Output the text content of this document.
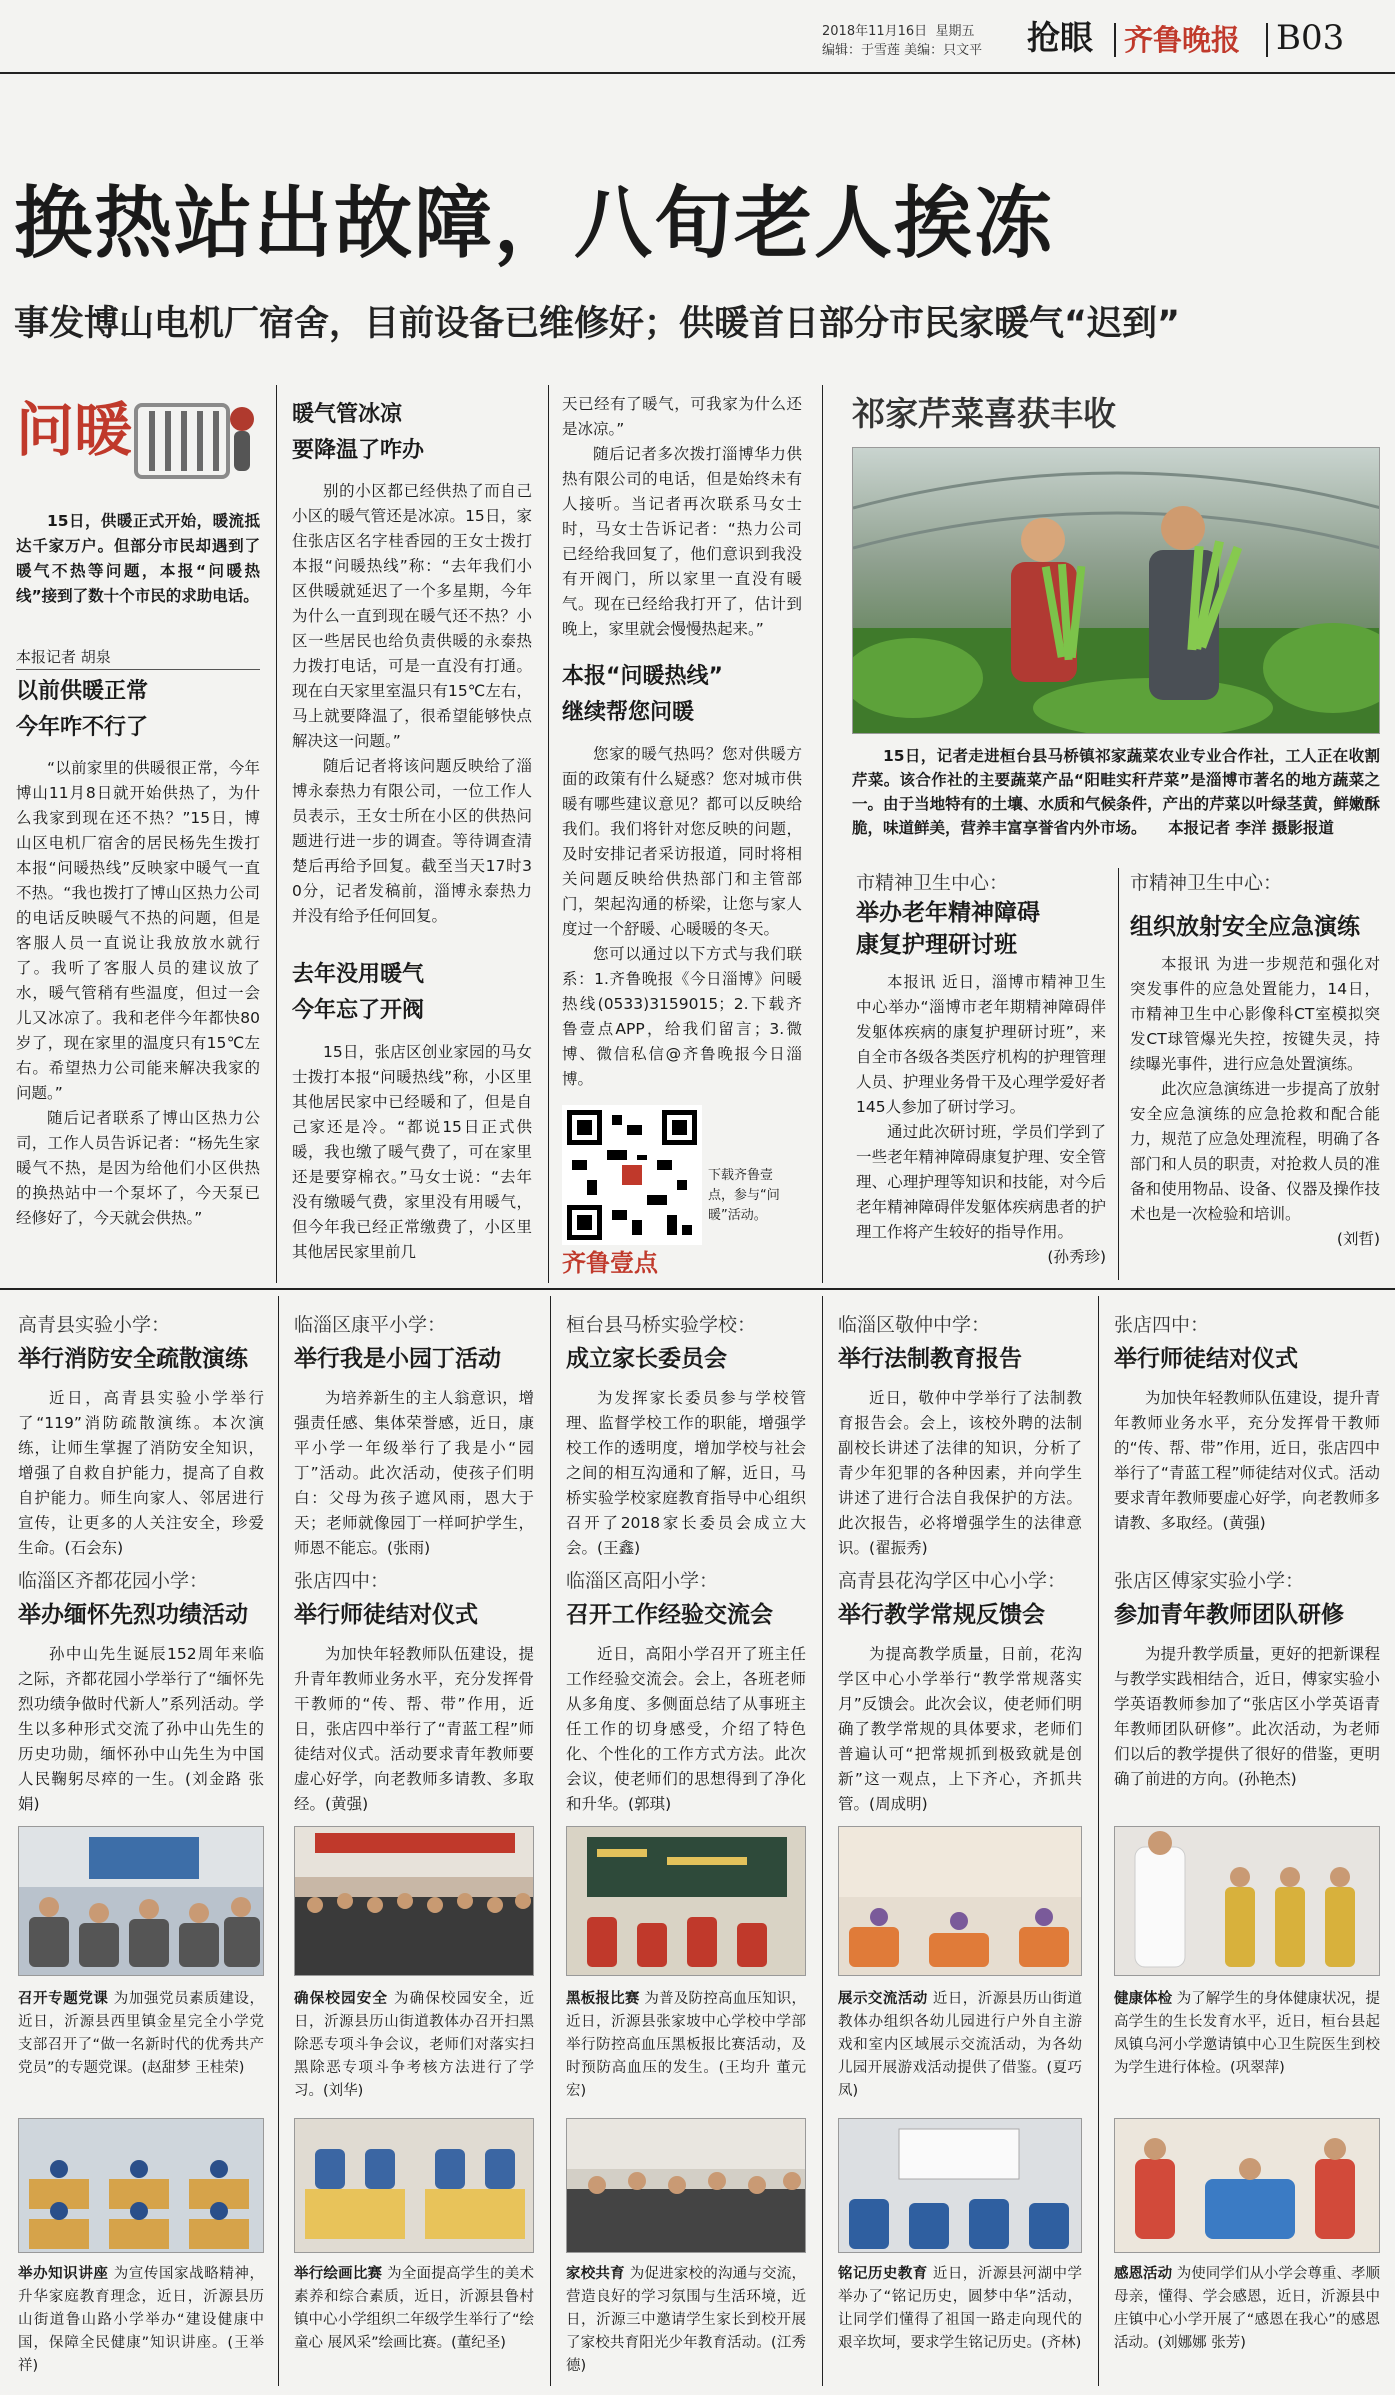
2018年11月16日 星期五
编辑：于雪莲 美编：只文平	抢眼 齐鲁晚报 B03
换热站出故障，八旬老人挨冻
事发博山电机厂宿舍，目前设备已维修好；供暖首日部分市民家暖气“迟到”
问暖

15日，供暖正式开始，暖流抵达千家万户。但部分市民却遇到了暖气不热等问题，本报“问暖热线”接到了数十个市民的求助电话。

本报记者 胡泉
以前供暖正常
今年咋不行了

“以前家里的供暖很正常，今年博山11月8日就开始供热了，为什么我家到现在还不热？”15日，博山区电机厂宿舍的居民杨先生拨打本报“问暖热线”反映家中暖气一直不热。“我也拨打了博山区热力公司的电话反映暖气不热的问题，但是客服人员一直说让我放放水就行了。我听了客服人员的建议放了水，暖气管稍有些温度，但过一会儿又冰凉了。我和老伴今年都快80岁了，现在家里的温度只有15℃左右。希望热力公司能来解决我家的问题。”

随后记者联系了博山区热力公司，工作人员告诉记者：“杨先生家暖气不热，是因为给他们小区供热的换热站中一个泵坏了，今天泵已经修好了，今天就会供热。”

暖气管冰凉
要降温了咋办

别的小区都已经供热了而自己小区的暖气管还是冰凉。15日，家住张店区名字桂香园的王女士拨打本报“问暖热线”称：“去年我们小区供暖就延迟了一个多星期，今年为什么一直到现在暖气还不热？小区一些居民也给负责供暖的永泰热力拨打电话，可是一直没有打通。现在白天家里室温只有15℃左右，马上就要降温了，很希望能够快点解决这一问题。”

随后记者将该问题反映给了淄博永泰热力有限公司，一位工作人员表示，王女士所在小区的供热问题进行进一步的调查。等待调查清楚后再给予回复。截至当天17时30分，记者发稿前，淄博永泰热力并没有给予任何回复。

去年没用暖气
今年忘了开阀

15日，张店区创业家园的马女士拨打本报“问暖热线”称，小区里其他居民家中已经暖和了，但是自己家还是冷。“都说15日正式供暖，我也缴了暖气费了，可在家里还是要穿棉衣。”马女士说：“去年没有缴暖气费，家里没有用暖气，但今年我已经正常缴费了，小区里其他居民家里前几

天已经有了暖气，可我家为什么还是冰凉。”

随后记者多次拨打淄博华力供热有限公司的电话，但是始终未有人接听。当记者再次联系马女士时，马女士告诉记者：“热力公司已经给我回复了，他们意识到我没有开阀门，所以家里一直没有暖气。现在已经给我打开了，估计到晚上，家里就会慢慢热起来。”

本报“问暖热线”
继续帮您问暖

您家的暖气热吗？您对供暖方面的政策有什么疑惑？您对城市供暖有哪些建议意见？都可以反映给我们。我们将针对您反映的问题，及时安排记者采访报道，同时将相关问题反映给供热部门和主管部门，架起沟通的桥梁，让您与家人度过一个舒暖、心暖暖的冬天。

您可以通过以下方式与我们联系：1.齐鲁晚报《今日淄博》问暖热线(0533)3159015；2.下载齐鲁壹点APP，给我们留言；3.微博、微信私信@齐鲁晚报今日淄博。

下载齐鲁壹点，参与“问暖”活动。
齐鲁壹点
祁家芹菜喜获丰收

15日，记者走进桓台县马桥镇祁家蔬菜农业专业合作社，工人正在收割芹菜。该合作社的主要蔬菜产品“阳畦实秆芹菜”是淄博市著名的地方蔬菜之一。由于当地特有的土壤、水质和气候条件，产出的芹菜以叶绿茎黄，鲜嫩酥脆，味道鲜美，营养丰富享誉省内外市场。 本报记者 李洋 摄影报道

市精神卫生中心：
举办老年精神障碍
康复护理研讨班

本报讯 近日，淄博市精神卫生中心举办“淄博市老年期精神障碍伴发躯体疾病的康复护理研讨班”，来自全市各级各类医疗机构的护理管理人员、护理业务骨干及心理学爱好者145人参加了研讨学习。

通过此次研讨班，学员们学到了一些老年精神障碍康复护理、安全管理、心理护理等知识和技能，对今后老年精神障碍伴发躯体疾病患者的护理工作将产生较好的指导作用。

(孙秀珍)
市精神卫生中心：
组织放射安全应急演练

本报讯 为进一步规范和强化对突发事件的应急处置能力，14日，市精神卫生中心影像科CT室模拟突发CT球管爆光失控，按键失灵，持续曝光事件，进行应急处置演练。

此次应急演练进一步提高了放射安全应急演练的应急抢救和配合能力，规范了应急处理流程，明确了各部门和人员的职责，对抢救人员的准备和使用物品、设备、仪器及操作技术也是一次检验和培训。

(刘哲)
高青县实验小学：
举行消防安全疏散演练

近日，高青县实验小学举行了“119”消防疏散演练。本次演练，让师生掌握了消防安全知识，增强了自救自护能力，提高了自救自护能力。师生向家人、邻居进行宣传，让更多的人关注安全，珍爱生命。(石会东)

临淄区康平小学：
举行我是小园丁活动

为培养新生的主人翁意识，增强责任感、集体荣誉感，近日，康平小学一年级举行了我是小“园丁”活动。此次活动，使孩子们明白：父母为孩子遮风雨，恩大于天；老师就像园丁一样呵护学生，师恩不能忘。(张雨)

桓台县马桥实验学校：
成立家长委员会

为发挥家长委员参与学校管理、监督学校工作的职能，增强学校工作的透明度，增加学校与社会之间的相互沟通和了解，近日，马桥实验学校家庭教育指导中心组织召开了2018家长委员会成立大会。(王鑫)

临淄区敬仲中学：
举行法制教育报告

近日，敬仲中学举行了法制教育报告会。会上，该校外聘的法制副校长讲述了法律的知识，分析了青少年犯罪的各种因素，并向学生讲述了进行合法自我保护的方法。此次报告，必将增强学生的法律意识。(翟振秀)

张店四中：
举行师徒结对仪式

为加快年轻教师队伍建设，提升青年教师业务水平，充分发挥骨干教师的“传、帮、带”作用，近日，张店四中举行了“青蓝工程”师徒结对仪式。活动要求青年教师要虚心好学，向老教师多请教、多取经。(黄强)

临淄区齐都花园小学：
举办缅怀先烈功绩活动

孙中山先生诞辰152周年来临之际，齐都花园小学举行了“缅怀先烈功绩争做时代新人”系列活动。学生以多种形式交流了孙中山先生的历史功勋，缅怀孙中山先生为中国人民鞠躬尽瘁的一生。(刘金路 张娟)

张店四中：
举行师徒结对仪式

为加快年轻教师队伍建设，提升青年教师业务水平，充分发挥骨干教师的“传、帮、带”作用，近日，张店四中举行了“青蓝工程”师徒结对仪式。活动要求青年教师要虚心好学，向老教师多请教、多取经。(黄强)

临淄区高阳小学：
召开工作经验交流会

近日，高阳小学召开了班主任工作经验交流会。会上，各班老师从多角度、多侧面总结了从事班主任工作的切身感受，介绍了特色化、个性化的工作方式方法。此次会议，使老师们的思想得到了净化和升华。(郭琪)

高青县花沟学区中心小学：
举行教学常规反馈会

为提高教学质量，日前，花沟学区中心小学举行“教学常规落实月”反馈会。此次会议，使老师们明确了教学常规的具体要求，老师们普遍认可“把常规抓到极致就是创新”这一观点，上下齐心，齐抓共管。(周成明)

张店区傅家实验小学：
参加青年教师团队研修

为提升教学质量，更好的把新课程与教学实践相结合，近日，傅家实验小学英语教师参加了“张店区小学英语青年教师团队研修”。此次活动，为老师们以后的教学提供了很好的借鉴，更明确了前进的方向。(孙艳杰)

召开专题党课 为加强党员素质建设，近日，沂源县西里镇金星完全小学党支部召开了“做一名新时代的优秀共产党员”的专题党课。(赵甜梦 王桂荣)
确保校园安全 为确保校园安全，近日，沂源县历山街道教体办召开扫黑除恶专项斗争会议，老师们对落实扫黑除恶专项斗争考核方法进行了学习。(刘华)
黑板报比赛 为普及防控高血压知识，近日，沂源县张家坡中心学校中学部举行防控高血压黑板报比赛活动，及时预防高血压的发生。(王均升 董元宏)
展示交流活动 近日，沂源县历山街道教体办组织各幼儿园进行户外自主游戏和室内区域展示交流活动，为各幼儿园开展游戏活动提供了借鉴。(夏巧凤)
健康体检 为了解学生的身体健康状况，提高学生的生长发育水平，近日，桓台县起凤镇乌河小学邀请镇中心卫生院医生到校为学生进行体检。(巩翠萍)
举办知识讲座 为宣传国家战略精神，升华家庭教育理念，近日，沂源县历山街道鲁山路小学举办“建设健康中国，保障全民健康”知识讲座。(王举祥)
举行绘画比赛 为全面提高学生的美术素养和综合素质，近日，沂源县鲁村镇中心小学组织二年级学生举行了“绘童心 展风采”绘画比赛。(董纪圣)
家校共育 为促进家校的沟通与交流，营造良好的学习氛围与生活环境，近日，沂源三中邀请学生家长到校开展了家校共育阳光少年教育活动。(江秀德)
铭记历史教育 近日，沂源县河湖中学举办了“铭记历史，圆梦中华”活动，让同学们懂得了祖国一路走向现代的艰辛坎坷，要求学生铭记历史。(齐林)
感恩活动 为使同学们从小学会尊重、孝顺母亲，懂得、学会感恩，近日，沂源县中庄镇中心小学开展了“感恩在我心”的感恩活动。(刘娜娜 张芳)
